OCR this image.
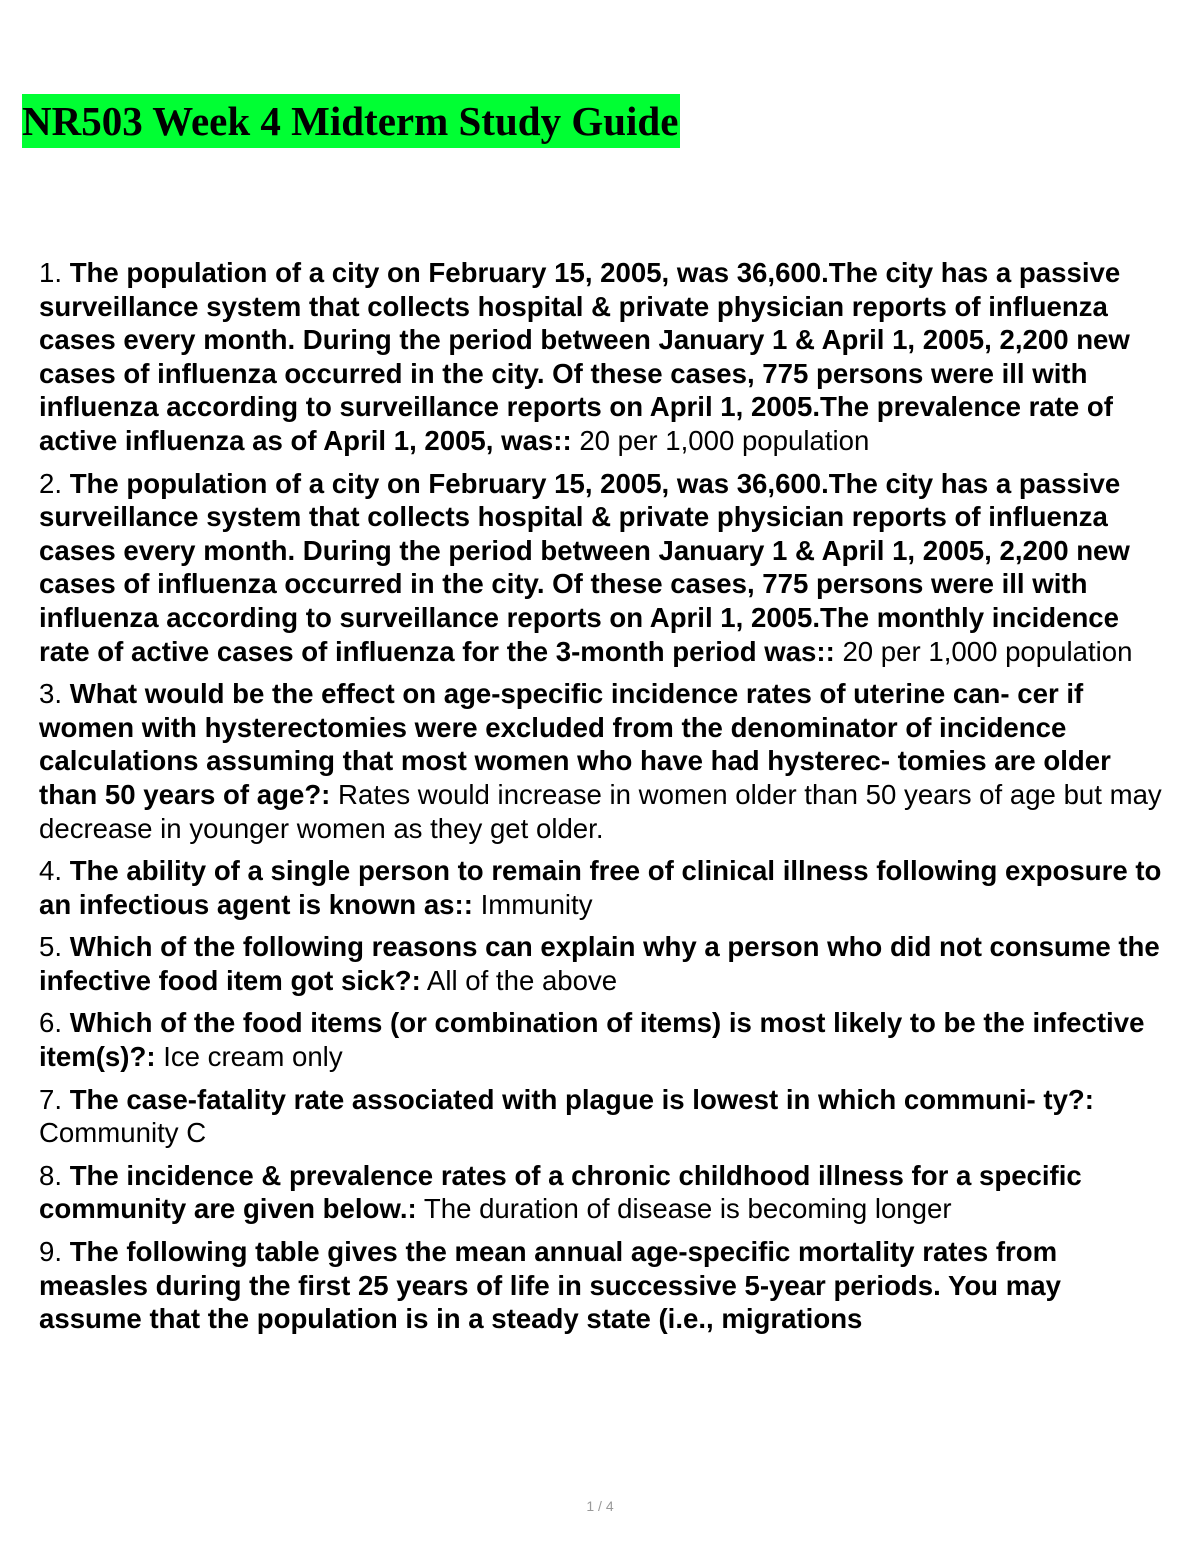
NR503 Week 4 Midterm Study Guide

1. The population of a city on February 15, 2005, was 36,600.The city has a passive surveillance system that collects hospital & private physician reports of influenza cases every month. During the period between January 1 & April 1, 2005, 2,200 new cases of influenza occurred in the city. Of these cases, 775 persons were ill with influenza according to surveillance reports on April 1, 2005.The prevalence rate of active influenza as of April 1, 2005, was:: 20 per 1,000 population

2. The population of a city on February 15, 2005, was 36,600.The city has a passive surveillance system that collects hospital & private physician reports of influenza cases every month. During the period between January 1 & April 1, 2005, 2,200 new cases of influenza occurred in the city. Of these cases, 775 persons were ill with influenza according to surveillance reports on April 1, 2005.The monthly incidence rate of active cases of influenza for the 3-month period was:: 20 per 1,000 population

3. What would be the effect on age-specific incidence rates of uterine can- cer if women with hysterectomies were excluded from the denominator of incidence calculations assuming that most women who have had hysterec- tomies are older than 50 years of age?: Rates would increase in women older than 50 years of age but may decrease in younger women as they get older.

4. The ability of a single person to remain free of clinical illness following exposure to an infectious agent is known as:: Immunity

5. Which of the following reasons can explain why a person who did not consume the infective food item got sick?: All of the above

6. Which of the food items (or combination of items) is most likely to be the infective item(s)?: Ice cream only

7. The case-fatality rate associated with plague is lowest in which communi- ty?: Community C

8. The incidence & prevalence rates of a chronic childhood illness for a specific community are given below.: The duration of disease is becoming longer

9. The following table gives the mean annual age-specific mortality rates from measles during the first 25 years of life in successive 5-year periods. You may assume that the population is in a steady state (i.e., migrations

1 / 4
